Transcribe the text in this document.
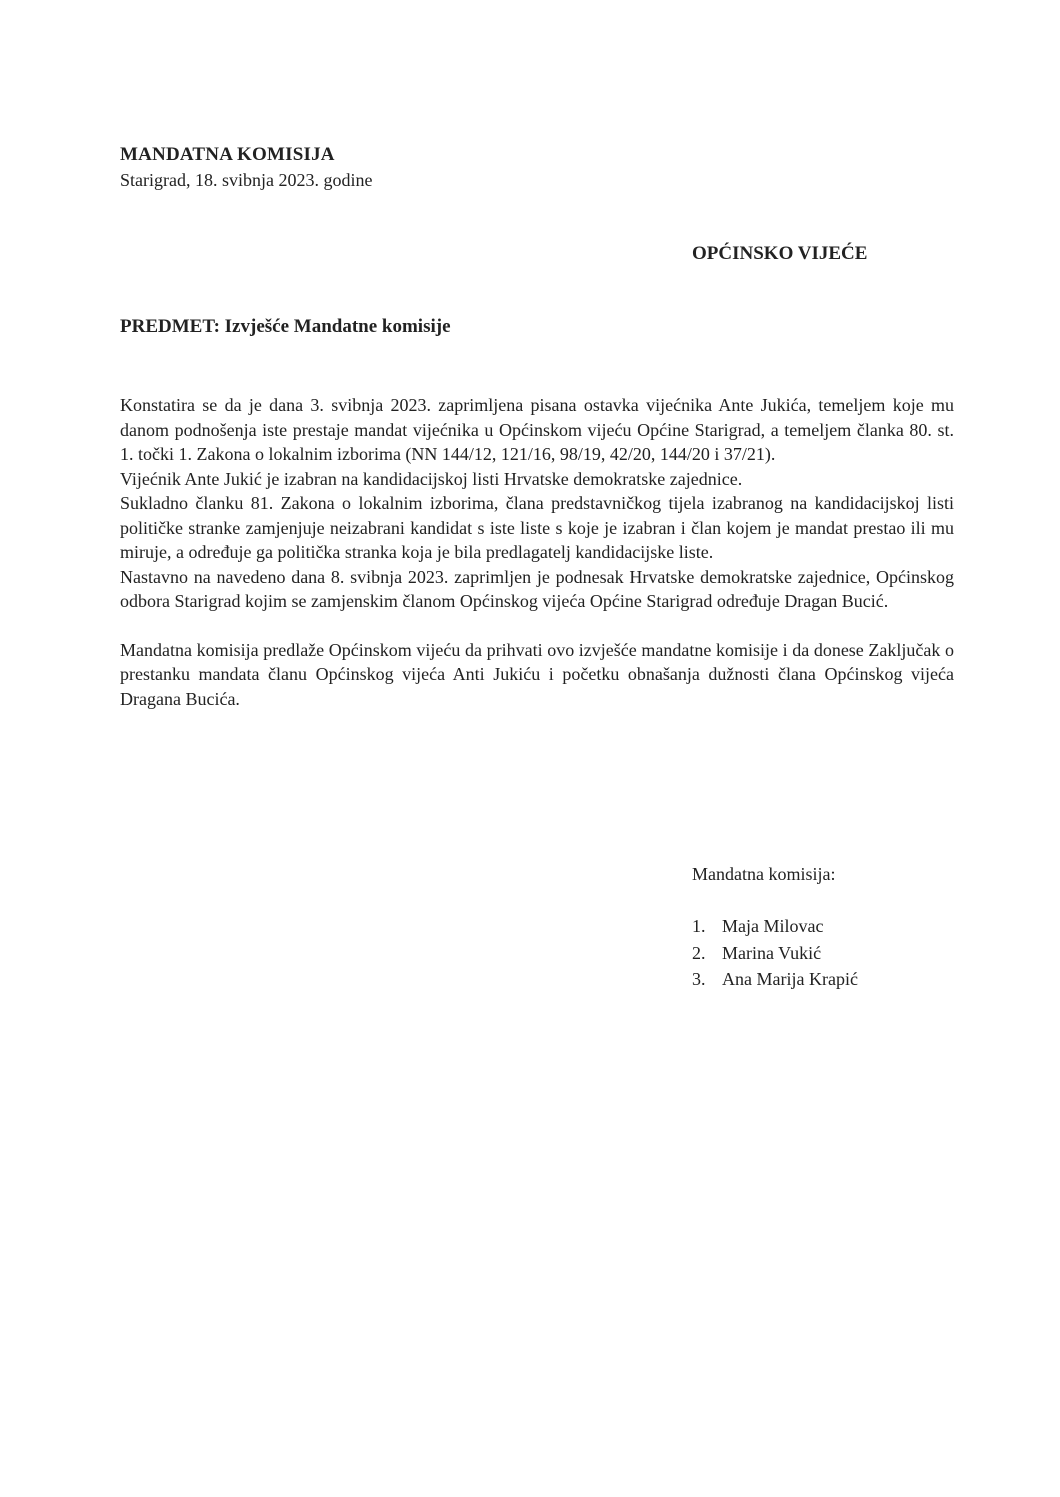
MANDATNA KOMISIJA
Starigrad, 18. svibnja 2023. godine
OPĆINSKO VIJEĆE
PREDMET: Izvješće Mandatne komisije

Konstatira se da je dana 3. svibnja 2023. zaprimljena pisana ostavka vijećnika Ante Jukića, temeljem koje mu danom podnošenja iste prestaje mandat vijećnika u Općinskom vijeću Općine Starigrad, a temeljem članka 80. st. 1. točki 1. Zakona o lokalnim izborima (NN 144/12, 121/16, 98/19, 42/20, 144/20 i 37/21).

Vijećnik Ante Jukić je izabran na kandidacijskoj listi Hrvatske demokratske zajednice.

Sukladno članku 81. Zakona o lokalnim izborima, člana predstavničkog tijela izabranog na kandidacijskoj listi političke stranke zamjenjuje neizabrani kandidat s iste liste s koje je izabran i član kojem je mandat prestao ili mu miruje, a određuje ga politička stranka koja je bila predlagatelj kandidacijske liste.

Nastavno na navedeno dana 8. svibnja 2023. zaprimljen je podnesak Hrvatske demokratske zajednice, Općinskog odbora Starigrad kojim se zamjenskim članom Općinskog vijeća Općine Starigrad određuje Dragan Bucić.

Mandatna komisija predlaže Općinskom vijeću da prihvati ovo izvješće mandatne komisije i da donese Zaključak o prestanku mandata članu Općinskog vijeća Anti Jukiću i početku obnašanja dužnosti člana Općinskog vijeća Dragana Bucića.

Mandatna komisija:
1. Maja Milovac
2. Marina Vukić
3. Ana Marija Krapić
